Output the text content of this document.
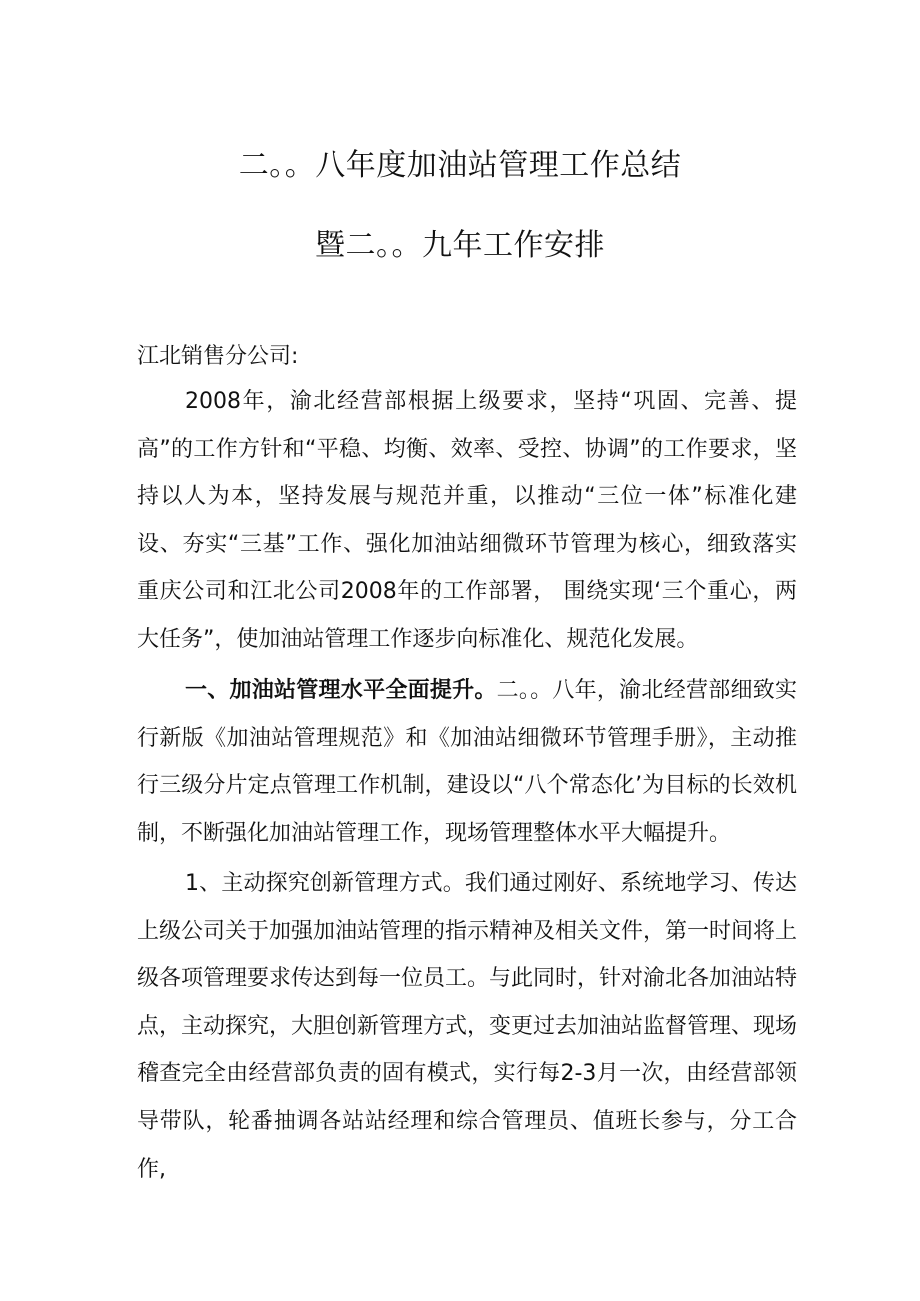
二。。八年度加油站管理工作总结
暨二。。九年工作安排
江北销售分公司:

2008年，渝北经营部根据上级要求，坚持“巩固、完善、提高”的工作方针和“平稳、均衡、效率、受控、协调”的工作要求，坚持以人为本，坚持发展与规范并重，以推动“三位一体”标准化建设、夯实“三基”工作、强化加油站细微环节管理为核心，细致落实重庆公司和江北公司2008年的工作部署， 围绕实现‘三个重心，两大任务”，使加油站管理工作逐步向标准化、规范化发展。

一、加油站管理水平全面提升。二。。八年，渝北经营部细致实行新版《加油站管理规范》和《加油站细微环节管理手册》，主动推行三级分片定点管理工作机制，建设以“八个常态化’为目标的长效机制，不断强化加油站管理工作，现场管理整体水平大幅提升。

1、主动探究创新管理方式。我们通过刚好、系统地学习、传达上级公司关于加强加油站管理的指示精神及相关文件，第一时间将上级各项管理要求传达到每一位员工。与此同时，针对渝北各加油站特点，主动探究，大胆创新管理方式，变更过去加油站监督管理、现场稽查完全由经营部负责的固有模式，实行每2-3月一次，由经营部领导带队，轮番抽调各站站经理和综合管理员、值班长参与，分工合作,
